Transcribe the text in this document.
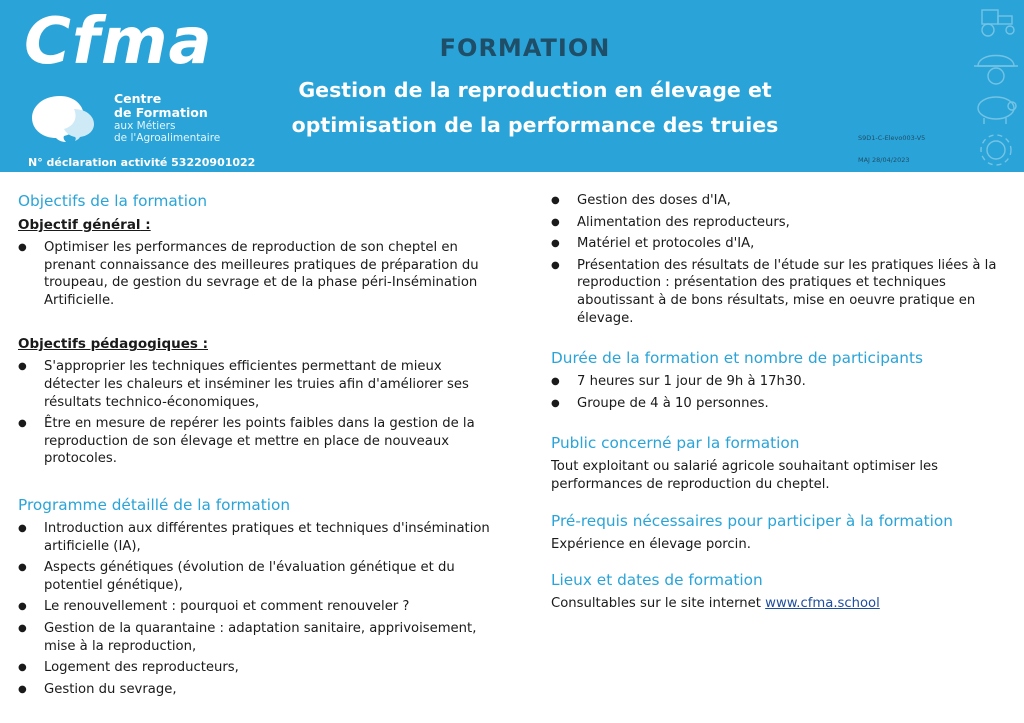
Cfma
Centre
de Formation
aux Métiers
de l'Agroalimentaire
N° déclaration activité 53220901022
FORMATION
Gestion de la reproduction en élevage et
optimisation de la performance des truies
S9D1-C-Elevo003-V5
MAJ 28/04/2023
Objectifs de la formation
Objectif général :
● Optimiser les performances de reproduction de son cheptel en prenant connaissance des meilleures pratiques de préparation du troupeau, de gestion du sevrage et de la phase péri-Insémination Artificielle.
Objectifs pédagogiques :
● S'approprier les techniques efficientes permettant de mieux détecter les chaleurs et inséminer les truies afin d'améliorer ses résultats technico-économiques,
● Être en mesure de repérer les points faibles dans la gestion de la reproduction de son élevage et mettre en place de nouveaux protocoles.
Programme détaillé de la formation
● Introduction aux différentes pratiques et techniques d'insémination artificielle (IA),
● Aspects génétiques (évolution de l'évaluation génétique et du potentiel génétique),
● Le renouvellement : pourquoi et comment renouveler ?
● Gestion de la quarantaine : adaptation sanitaire, apprivoisement, mise à la reproduction,
● Logement des reproducteurs,
● Gestion du sevrage,
● Gestion des doses d'IA,
● Alimentation des reproducteurs,
● Matériel et protocoles d'IA,
● Présentation des résultats de l'étude sur les pratiques liées à la reproduction : présentation des pratiques et techniques aboutissant à de bons résultats, mise en oeuvre pratique en élevage.
Durée de la formation et nombre de participants
● 7 heures sur 1 jour de 9h à 17h30.
● Groupe de 4 à 10 personnes.
Public concerné par la formation

Tout exploitant ou salarié agricole souhaitant optimiser les performances de reproduction du cheptel.

Pré-requis nécessaires pour participer à la formation

Expérience en élevage porcin.

Lieux et dates de formation

Consultables sur le site internet www.cfma.school
